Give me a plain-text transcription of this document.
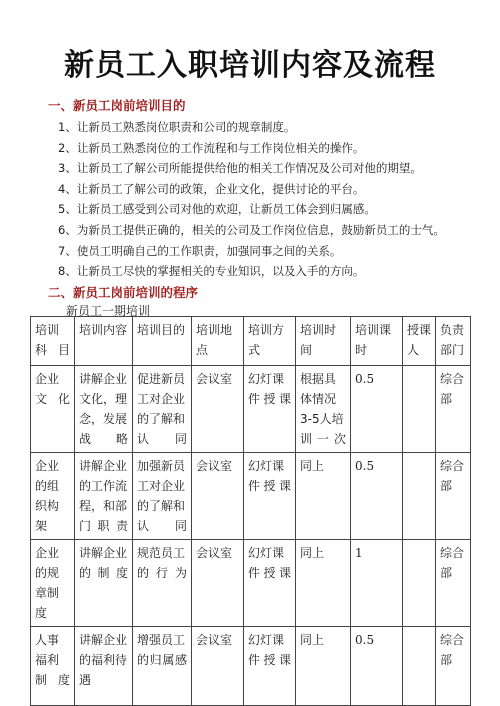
新员工入职培训内容及流程
一、新员工岗前培训目的
1、让新员工熟悉岗位职责和公司的规章制度。
2、让新员工熟悉岗位的工作流程和与工作岗位相关的操作。
3、让新员工了解公司所能提供给他的相关工作情况及公司对他的期望。
4、让新员工了解公司的政策，企业文化，提供讨论的平台。
5、让新员工感受到公司对他的欢迎，让新员工体会到归属感。
6、为新员工提供正确的，相关的公司及工作岗位信息，鼓励新员工的士气。
7、使员工明确自己的工作职责，加强同事之间的关系。
8、让新员工尽快的掌握相关的专业知识，以及入手的方向。
二、新员工岗前培训的程序
新员工一期培训
培训科目	培训内容	培训目的	培训地点	培训方式	培训时间	培训课时	授课人	负责部门
企业文化	讲解企业文化，理念，发展战略	促进新员工对企业的了解和认同	会议室	幻灯课件授课	根据具体情况3-5人培训一次	0.5		综合部
企业的组织构架	讲解企业的工作流程，和部门职责	加强新员工对企业的了解和认同	会议室	幻灯课件授课	同上	0.5		综合部
企业的规章制度	讲解企业的制度	规范员工的行为	会议室	幻灯课件授课	同上	1		综合部
人事福利制度	讲解企业的福利待遇	增强员工的归属感	会议室	幻灯课件授课	同上	0.5		综合部
